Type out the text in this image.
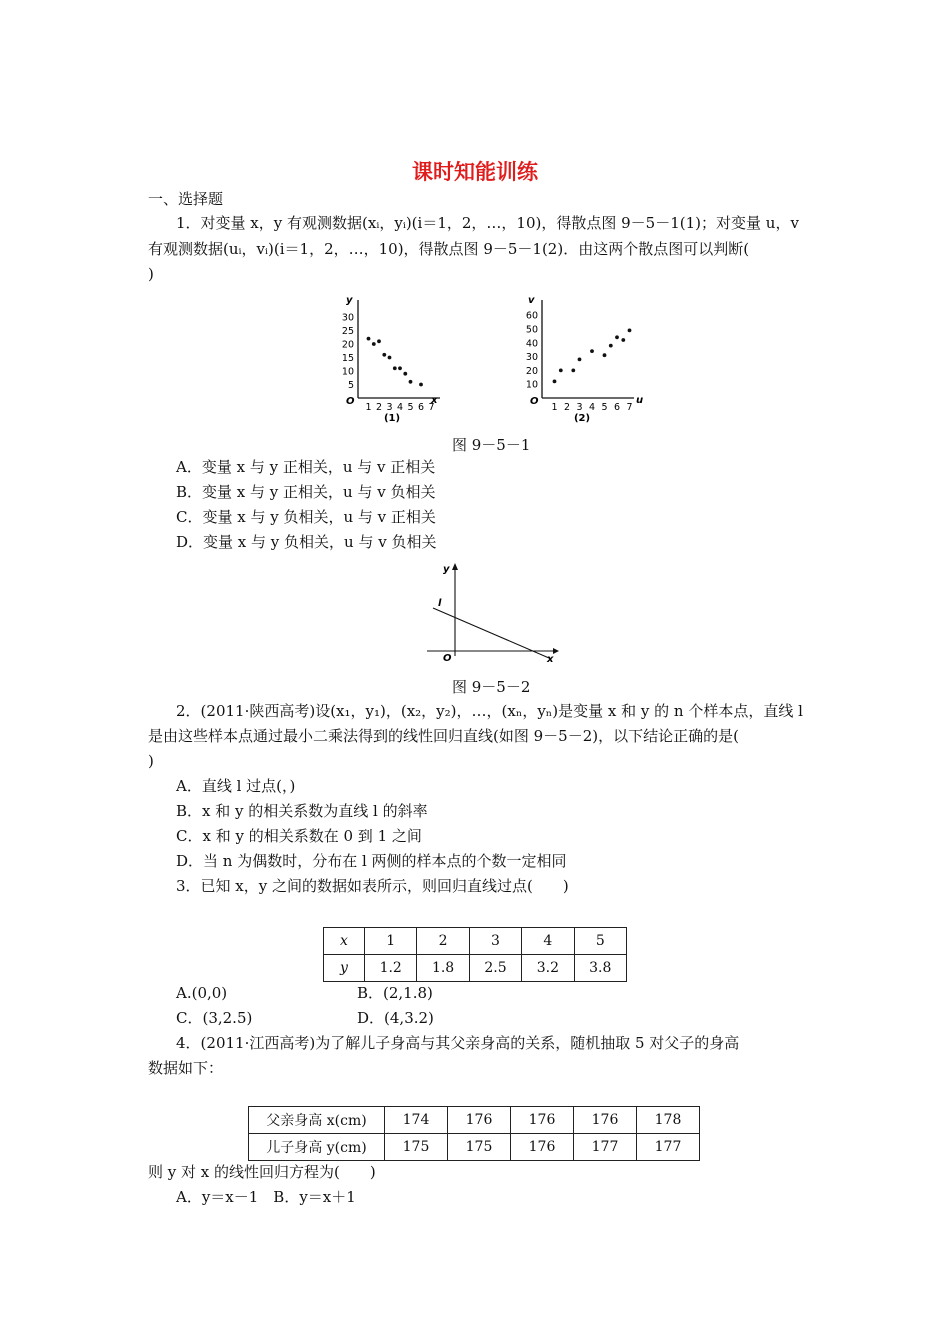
课时知能训练
一、选择题
1．对变量 x，y 有观测数据(xᵢ，yᵢ)(i＝1，2，…，10)，得散点图 9－5－1(1)；对变量 u，v
有观测数据(uᵢ，vᵢ)(i＝1，2，…，10)，得散点图 9－5－1(2)．由这两个散点图可以判断(
)
30
25
20
15
10
5
1 2 3 4 5 6 7
y
x
O
(1)
60
50
40
30
20
10
1 2 3 4 5 6 7
v
u
O
(2)
图 9－5－1
A．变量 x 与 y 正相关，u 与 v 正相关
B．变量 x 与 y 正相关，u 与 v 负相关
C．变量 x 与 y 负相关，u 与 v 正相关
D．变量 x 与 y 负相关，u 与 v 负相关
y
x
O
l
图 9－5－2
2．(2011·陕西高考)设(x₁，y₁)，(x₂，y₂)，…，(xₙ，yₙ)是变量 x 和 y 的 n 个样本点，直线 l
是由这些样本点通过最小二乘法得到的线性回归直线(如图 9－5－2)，以下结论正确的是(
)
A．直线 l 过点(，)
B．x 和 y 的相关系数为直线 l 的斜率
C．x 和 y 的相关系数在 0 到 1 之间
D．当 n 为偶数时，分布在 l 两侧的样本点的个数一定相同
3．已知 x，y 之间的数据如表所示，则回归直线过点(　　)
x	1	2	3	4	5
y	1.2	1.8	2.5	3.2	3.8
A.(0,0)	B．(2,1.8)
C．(3,2.5)	D．(4,3.2)
4．(2011·江西高考)为了解儿子身高与其父亲身高的关系，随机抽取 5 对父子的身高
数据如下：
父亲身高 x(cm)	174	176	176	176	178
儿子身高 y(cm)	175	175	176	177	177
则 y 对 x 的线性回归方程为(　　)
A．y＝x－1　B．y＝x＋1
